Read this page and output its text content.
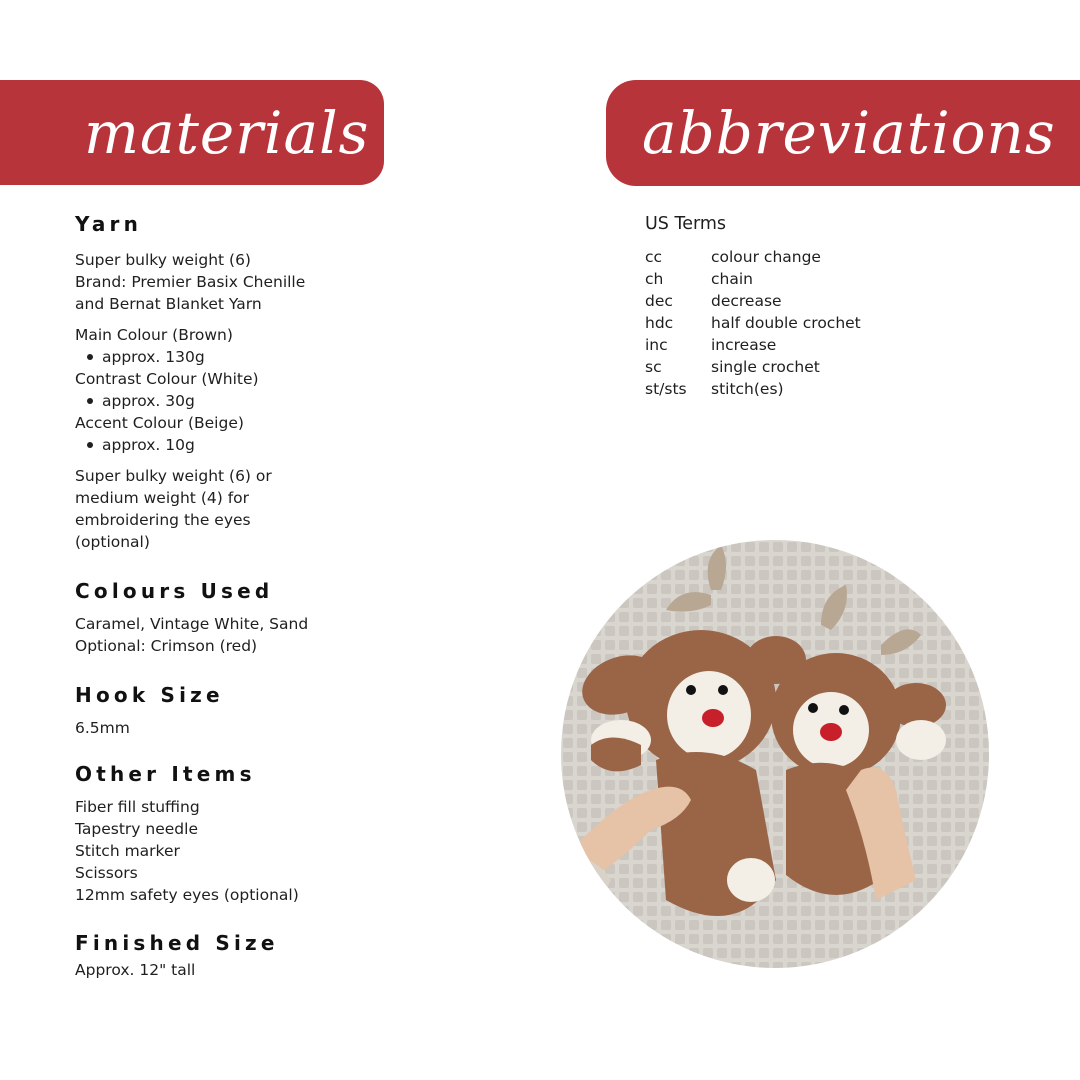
materials	abbreviations
Yarn

Super bulky weight (6)

Brand: Premier Basix Chenille

and Bernat Blanket Yarn

Main Colour (Brown)

approx. 130g

Contrast Colour (White)

approx. 30g

Accent Colour (Beige)

approx. 10g

Super bulky weight (6) or

medium weight (4) for

embroidering the eyes

(optional)

Colours Used

Caramel, Vintage White, Sand

Optional: Crimson (red)

Hook Size

6.5mm

Other Items

Fiber fill stuffing

Tapestry needle

Stitch marker

Scissors

12mm safety eyes (optional)

Finished Size

Approx. 12" tall

US Terms

cc	colour change
ch	chain
dec	decrease
hdc	half double crochet
inc	increase
sc	single crochet
st/sts	stitch(es)
